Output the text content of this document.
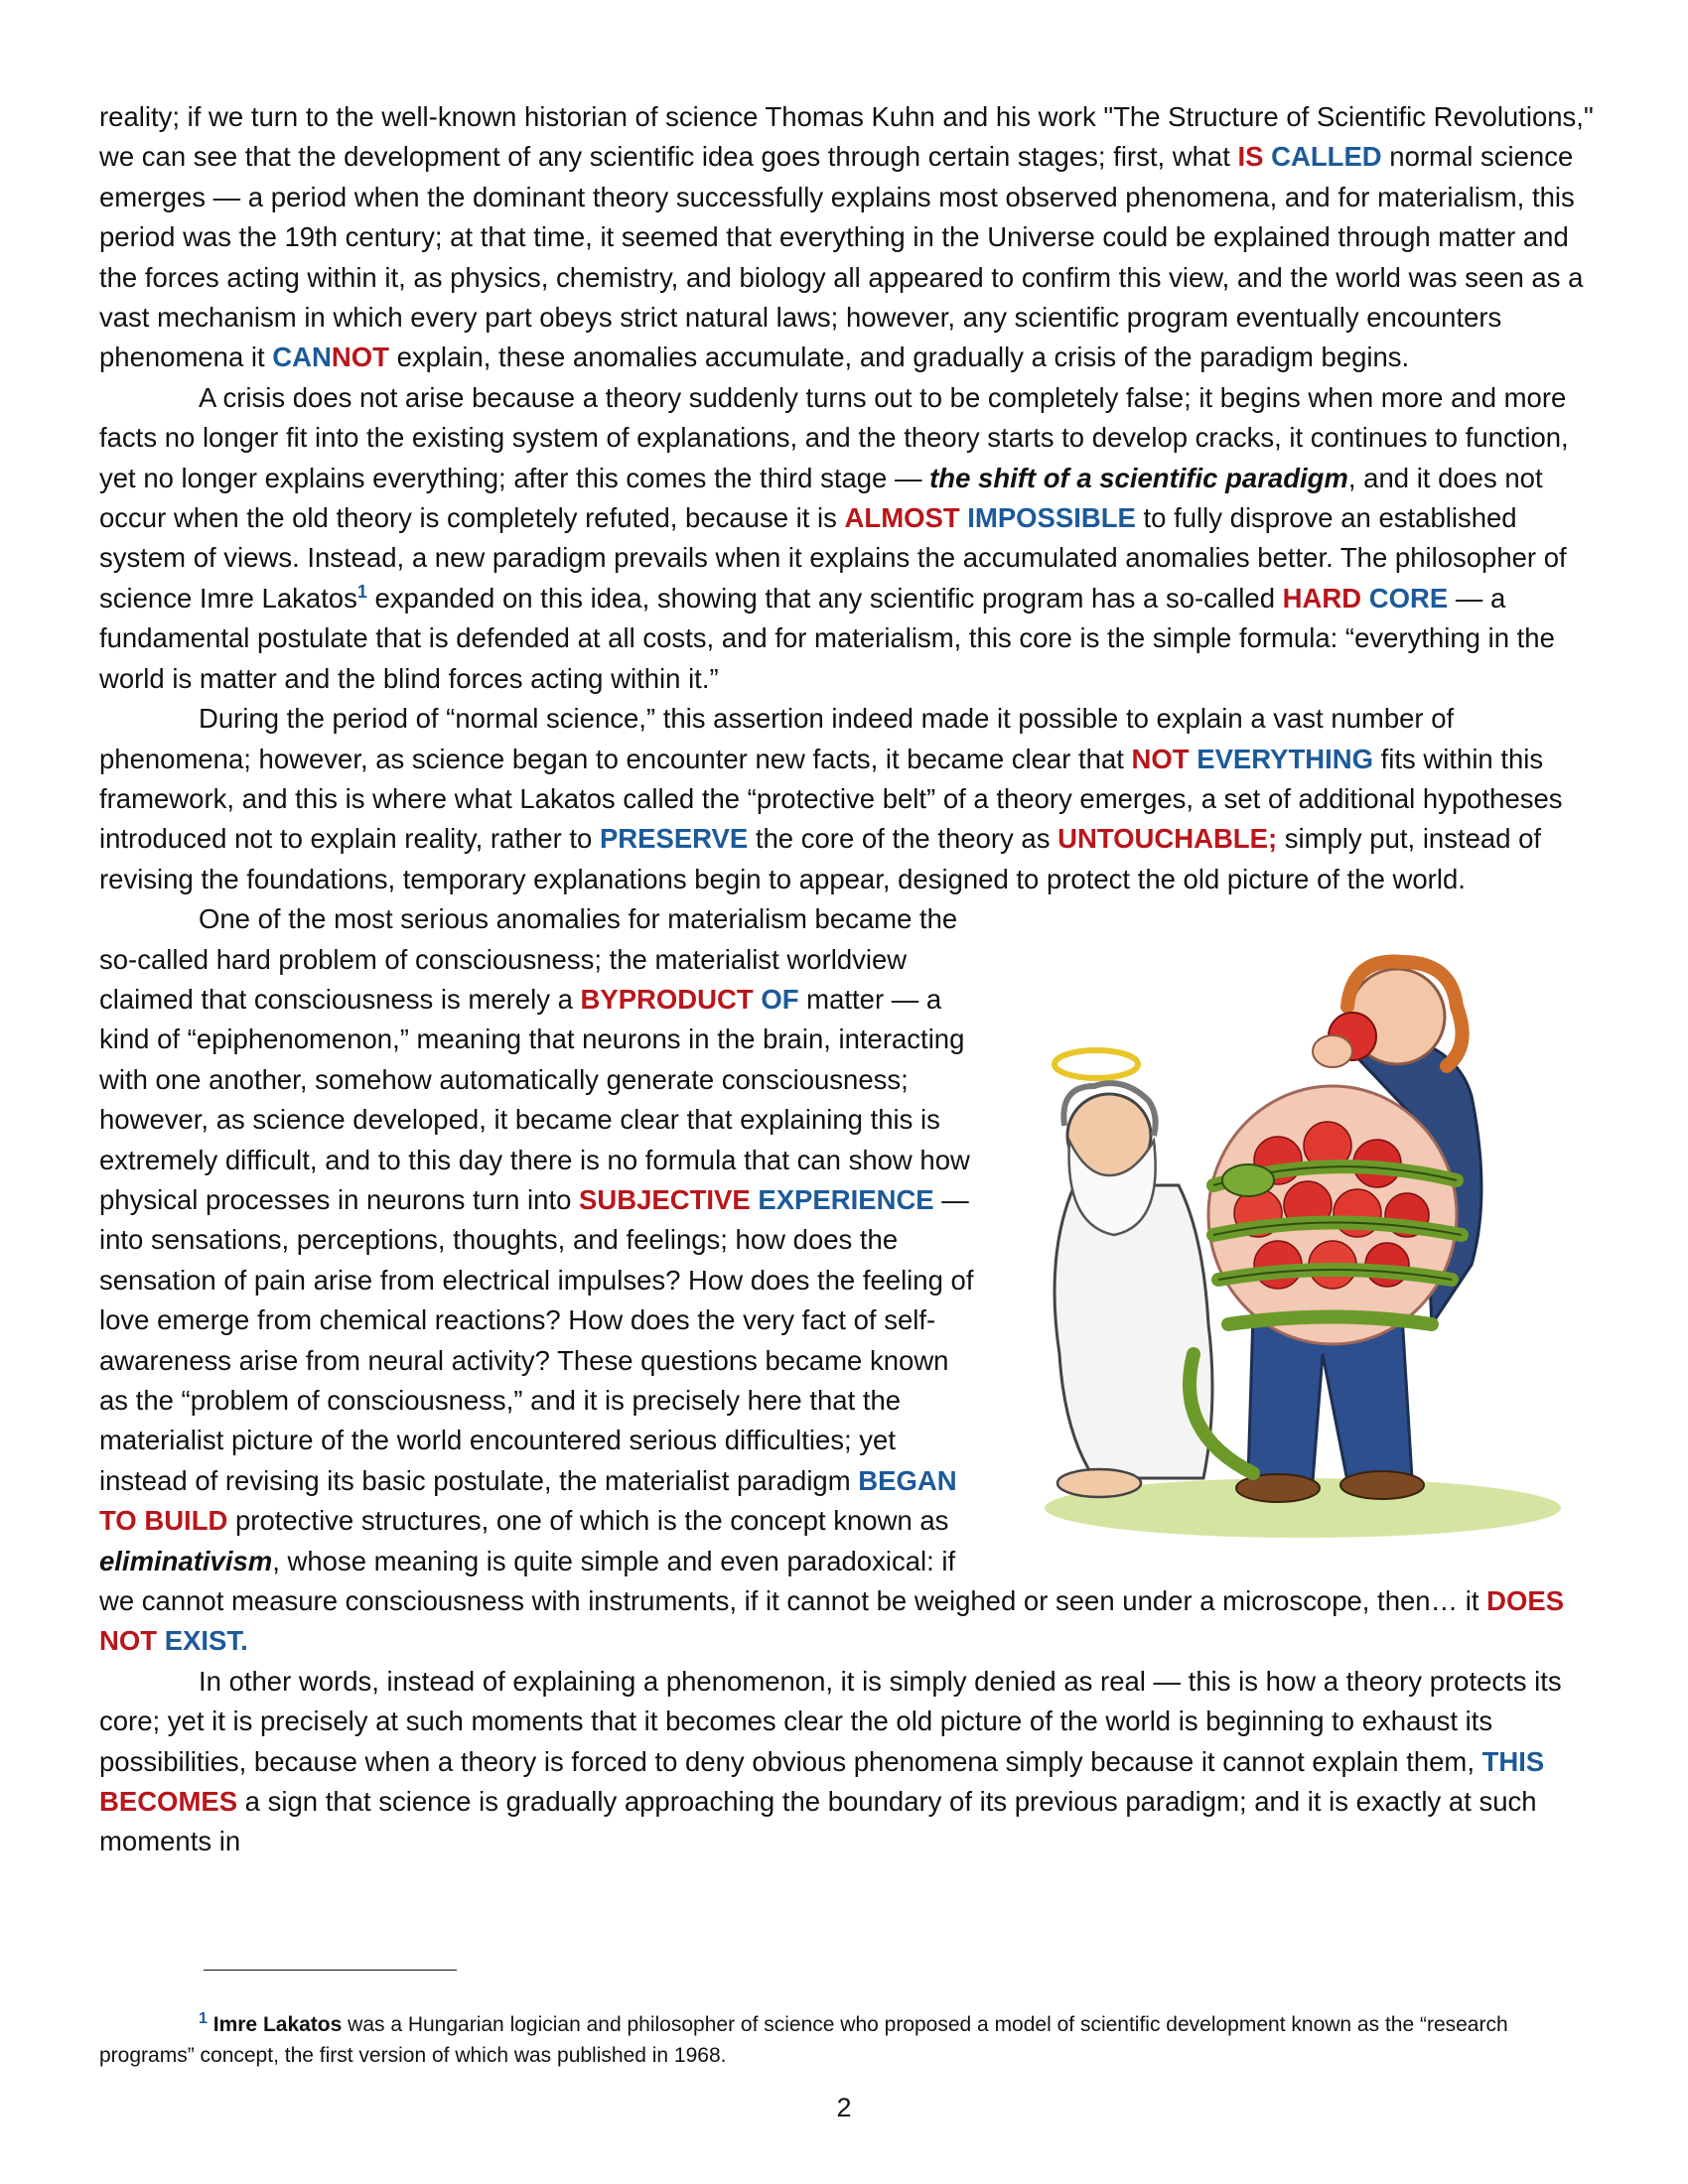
reality; if we turn to the well-known historian of science Thomas Kuhn and his work "The Structure of Scientific Revolutions," we can see that the development of any scientific idea goes through certain stages; first, what IS CALLED normal science emerges — a period when the dominant theory successfully explains most observed phenomena, and for materialism, this period was the 19th century; at that time, it seemed that everything in the Universe could be explained through matter and the forces acting within it, as physics, chemistry, and biology all appeared to confirm this view, and the world was seen as a vast mechanism in which every part obeys strict natural laws; however, any scientific program eventually encounters phenomena it CANNOT explain, these anomalies accumulate, and gradually a crisis of the paradigm begins.

A crisis does not arise because a theory suddenly turns out to be completely false; it begins when more and more facts no longer fit into the existing system of explanations, and the theory starts to develop cracks, it continues to function, yet no longer explains everything; after this comes the third stage — the shift of a scientific paradigm, and it does not occur when the old theory is completely refuted, because it is ALMOST IMPOSSIBLE to fully disprove an established system of views. Instead, a new paradigm prevails when it explains the accumulated anomalies better. The philosopher of science Imre Lakatos$^1$ expanded on this idea, showing that any scientific program has a so-called HARD CORE — a fundamental postulate that is defended at all costs, and for materialism, this core is the simple formula: “everything in the world is matter and the blind forces acting within it.”

During the period of “normal science,” this assertion indeed made it possible to explain a vast number of phenomena; however, as science began to encounter new facts, it became clear that NOT EVERYTHING fits within this framework, and this is where what Lakatos called the “protective belt” of a theory emerges, a set of additional hypotheses introduced not to explain reality, rather to PRESERVE the core of the theory as UNTOUCHABLE; simply put, instead of revising the foundations, temporary explanations begin to appear, designed to protect the old picture of the world.

One of the most serious anomalies for materialism became the so-called hard problem of consciousness; the materialist worldview claimed that consciousness is merely a BYPRODUCT OF matter — a kind of “epiphenomenon,” meaning that neurons in the brain, interacting with one another, somehow automatically generate consciousness; however, as science developed, it became clear that explaining this is extremely difficult, and to this day there is no formula that can show how physical processes in neurons turn into SUBJECTIVE EXPERIENCE — into sensations, perceptions, thoughts, and feelings; how does the sensation of pain arise from electrical impulses? How does the feeling of love emerge from chemical reactions? How does the very fact of self-awareness arise from neural activity? These questions became known as the “problem of consciousness,” and it is precisely here that the materialist picture of the world encountered serious difficulties; yet instead of revising its basic postulate, the materialist paradigm BEGAN TO BUILD protective structures, one of which is the concept known as eliminativism, whose meaning is quite simple and even paradoxical: if we cannot measure consciousness with instruments, if it cannot be weighed or seen under a microscope, then… it DOES NOT EXIST.

In other words, instead of explaining a phenomenon, it is simply denied as real — this is how a theory protects its core; yet it is precisely at such moments that it becomes clear the old picture of the world is beginning to exhaust its possibilities, because when a theory is forced to deny obvious phenomena simply because it cannot explain them, THIS BECOMES a sign that science is gradually approaching the boundary of its previous paradigm; and it is exactly at such moments in

$^1$ Imre Lakatos was a Hungarian logician and philosopher of science who proposed a model of scientific development known as the “research programs” concept, the first version of which was published in 1968.

2
